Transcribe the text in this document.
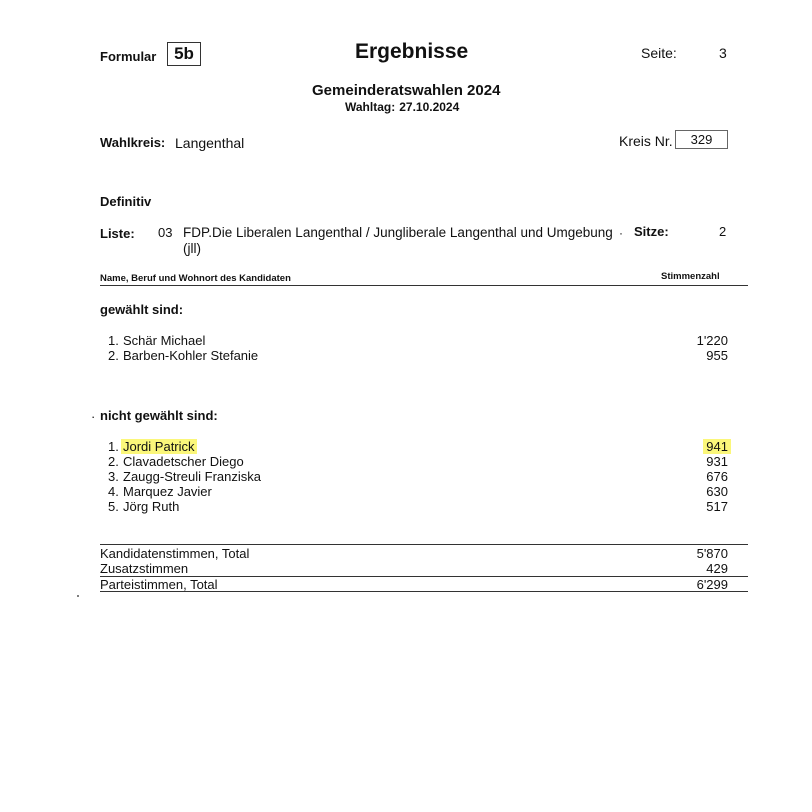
Formular	5b	Ergebnisse	Seite:	3
Gemeinderatswahlen 2024
Wahltag: 27.10.2024
Wahlkreis: Langenthal	Kreis Nr.	329
Definitiv
Liste: 03 FDP.Die Liberalen Langenthal / Jungliberale Langenthal und Umgebung (jll)
· Sitze:	2
Name, Beruf und Wohnort des Kandidaten	Stimmenzahl
gewählt sind:
1. Schär Michael	1'220
2. Barben-Kohler Stefanie	955
· nicht gewählt sind:
1. Jordi Patrick	941
2. Clavadetscher Diego	931
3. Zaugg-Streuli Franziska	676
4. Marquez Javier	630
5. Jörg Ruth	517
Kandidatenstimmen, Total	5'870
Zusatzstimmen	429
Parteistimmen, Total	6'299
